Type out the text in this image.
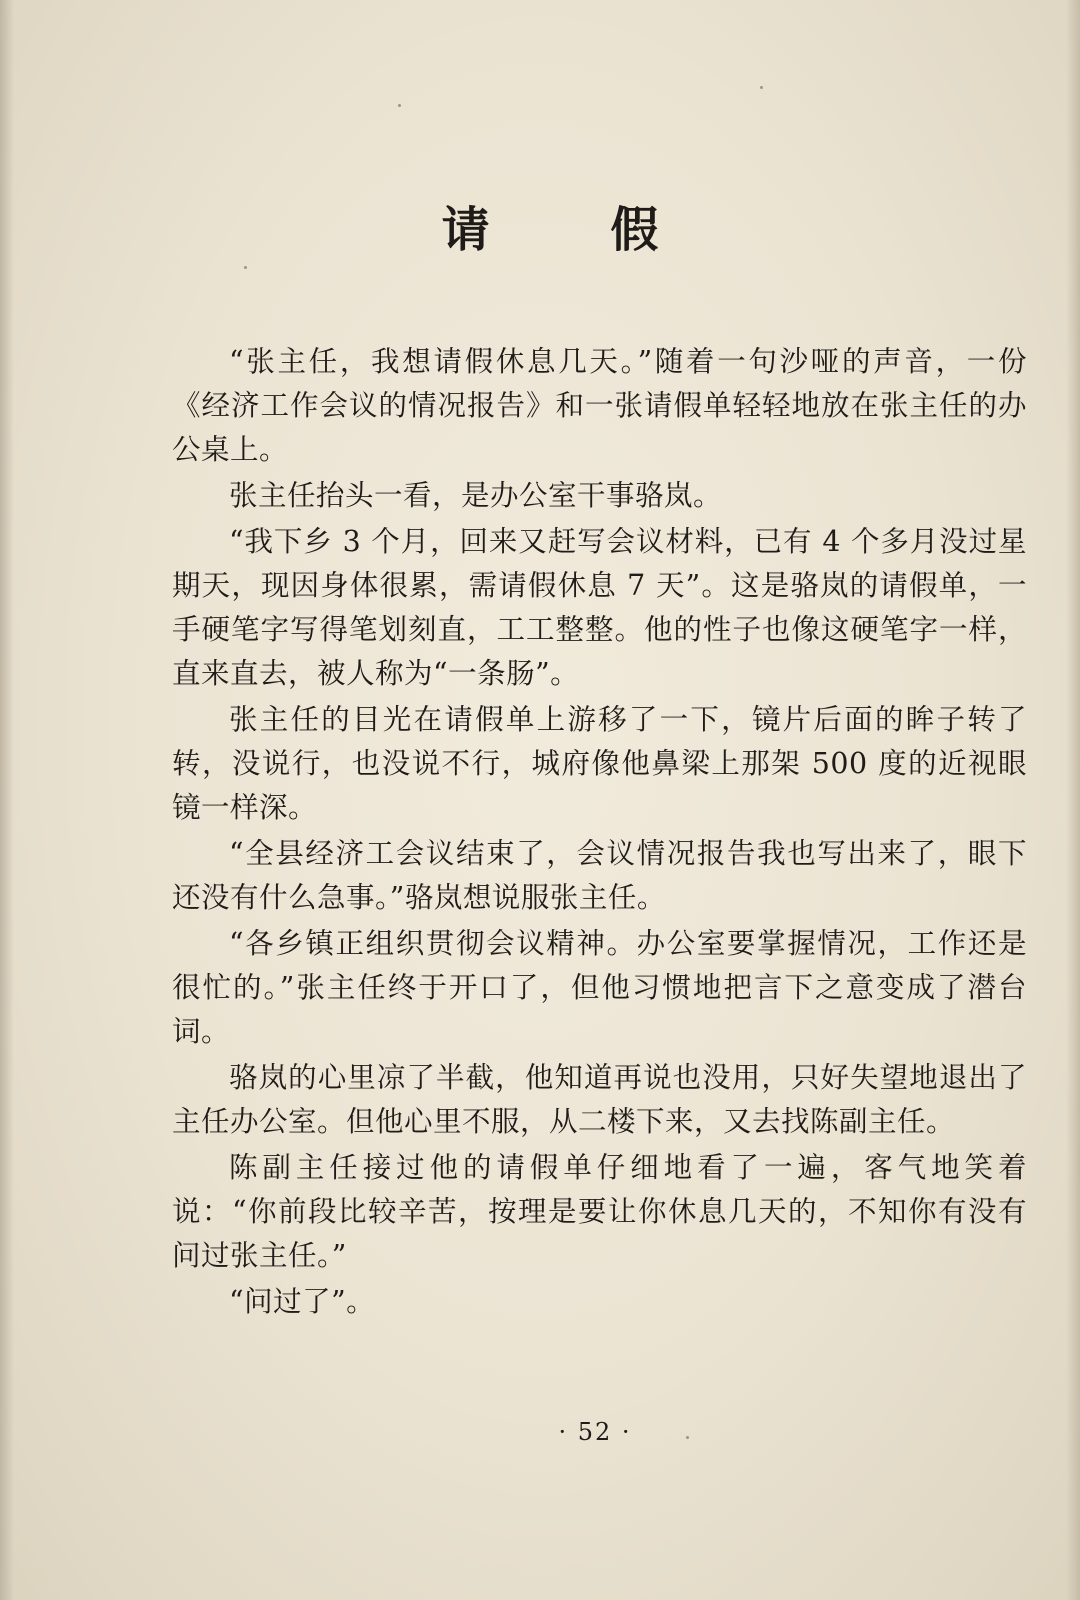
请 假

“张主任，我想请假休息几天。”随着一句沙哑的声音，一份《经济工作会议的情况报告》和一张请假单轻轻地放在张主任的办公桌上。

张主任抬头一看，是办公室干事骆岚。

“我下乡 3 个月，回来又赶写会议材料，已有 4 个多月没过星期天，现因身体很累，需请假休息 7 天”。这是骆岚的请假单，一手硬笔字写得笔划刻直，工工整整。他的性子也像这硬笔字一样，直来直去，被人称为“一条肠”。

张主任的目光在请假单上游移了一下，镜片后面的眸子转了转，没说行，也没说不行，城府像他鼻梁上那架 500 度的近视眼镜一样深。

“全县经济工会议结束了，会议情况报告我也写出来了，眼下还没有什么急事。”骆岚想说服张主任。

“各乡镇正组织贯彻会议精神。办公室要掌握情况，工作还是很忙的。”张主任终于开口了，但他习惯地把言下之意变成了潜台词。

骆岚的心里凉了半截，他知道再说也没用，只好失望地退出了主任办公室。但他心里不服，从二楼下来，又去找陈副主任。

陈副主任接过他的请假单仔细地看了一遍，客气地笑着说：“你前段比较辛苦，按理是要让你休息几天的，不知你有没有问过张主任。”

“问过了”。

· 52 ·
